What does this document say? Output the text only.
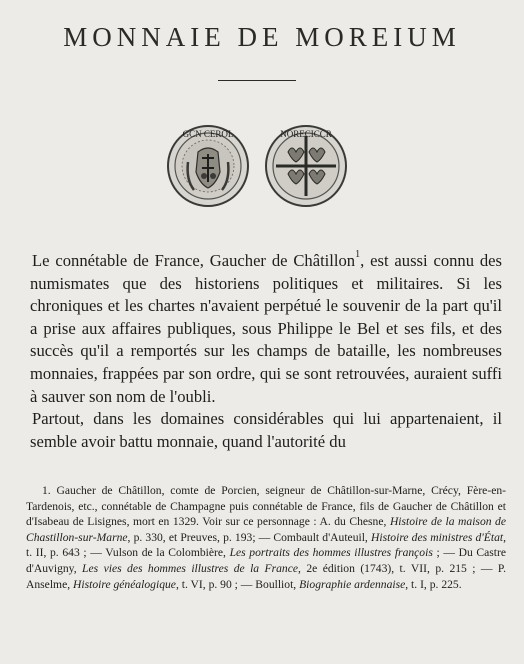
MONNAIE DE MOREIUM
GCN CEROL	NORECICCR

Le connétable de France, Gaucher de Châtillon$^1$, est aussi connu des numismates que des historiens politiques et militaires. Si les chroniques et les chartes n'avaient perpétué le souvenir de la part qu'il a prise aux affaires publiques, sous Philippe le Bel et ses fils, et des succès qu'il a remportés sur les champs de bataille, les nombreuses monnaies, frappées par son ordre, qui se sont retrouvées, auraient suffi à sauver son nom de l'oubli.

Partout, dans les domaines considérables qui lui appartenaient, il semble avoir battu monnaie, quand l'autorité du

1. Gaucher de Châtillon, comte de Porcien, seigneur de Châtillon-sur-Marne, Crécy, Fère-en-Tardenois, etc., connétable de Champagne puis connétable de France, fils de Gaucher de Châtillon et d'Isabeau de Lisignes, mort en 1329. Voir sur ce personnage : A. du Chesne, Histoire de la maison de Chastillon-sur-Marne, p. 330, et Preuves, p. 193; — Combault d'Auteuil, Histoire des ministres d'État, t. II, p. 643 ; — Vulson de la Colombière, Les portraits des hommes illustres françois ; — Du Castre d'Auvigny, Les vies des hommes illustres de la France, 2e édition (1743), t. VII, p. 215 ; — P. Anselme, Histoire généalogique, t. VI, p. 90 ; — Boulliot, Biographie ardennaise, t. I, p. 225.
